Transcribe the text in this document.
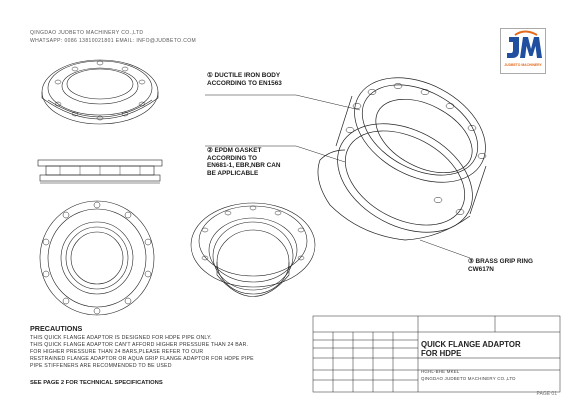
QINGDAO JUDBETO MACHINERY CO.,LTD
WHATSAPP: 0086 13810021801 EMAIL: INFO@JUDBETO.COM
JUDBETO MACHINERY
① DUCTILE IRON BODY
ACCORDING TO EN1563
② EPDM GASKET
ACCORDING TO
EN681-1, EBR,NBR CAN
BE APPLICABLE
③ BRASS GRIP RING
CW617N
PRECAUTIONS
THIS QUICK FLANGE ADAPTOR IS DESIGNED FOR HDPE PIPE ONLY.
THIS QUICK FLANGE ADAPTOR CAN'T AFFORD HIGHER PRESSURE THAN 24 BAR.
FOR HIGHER PRESSURE THAN 24 BARS,PLEASE REFER TO OUR
RESTRAINED FLANGE ADAPTOR OR AQUA GRIP FLANGE ADAPTOR FOR HDPE PIPE
PIPE STIFFENERS ARE RECOMMENDED TO BE USED
SEE PAGE 2 FOR TECHNICAL SPECIFICATIONS
QUICK FLANGE ADAPTOR
FOR HDPE
HGHL-BHE MKEL
QINGDAO JUDBETO MACHINERY CO.,LTD
PAGE 01
